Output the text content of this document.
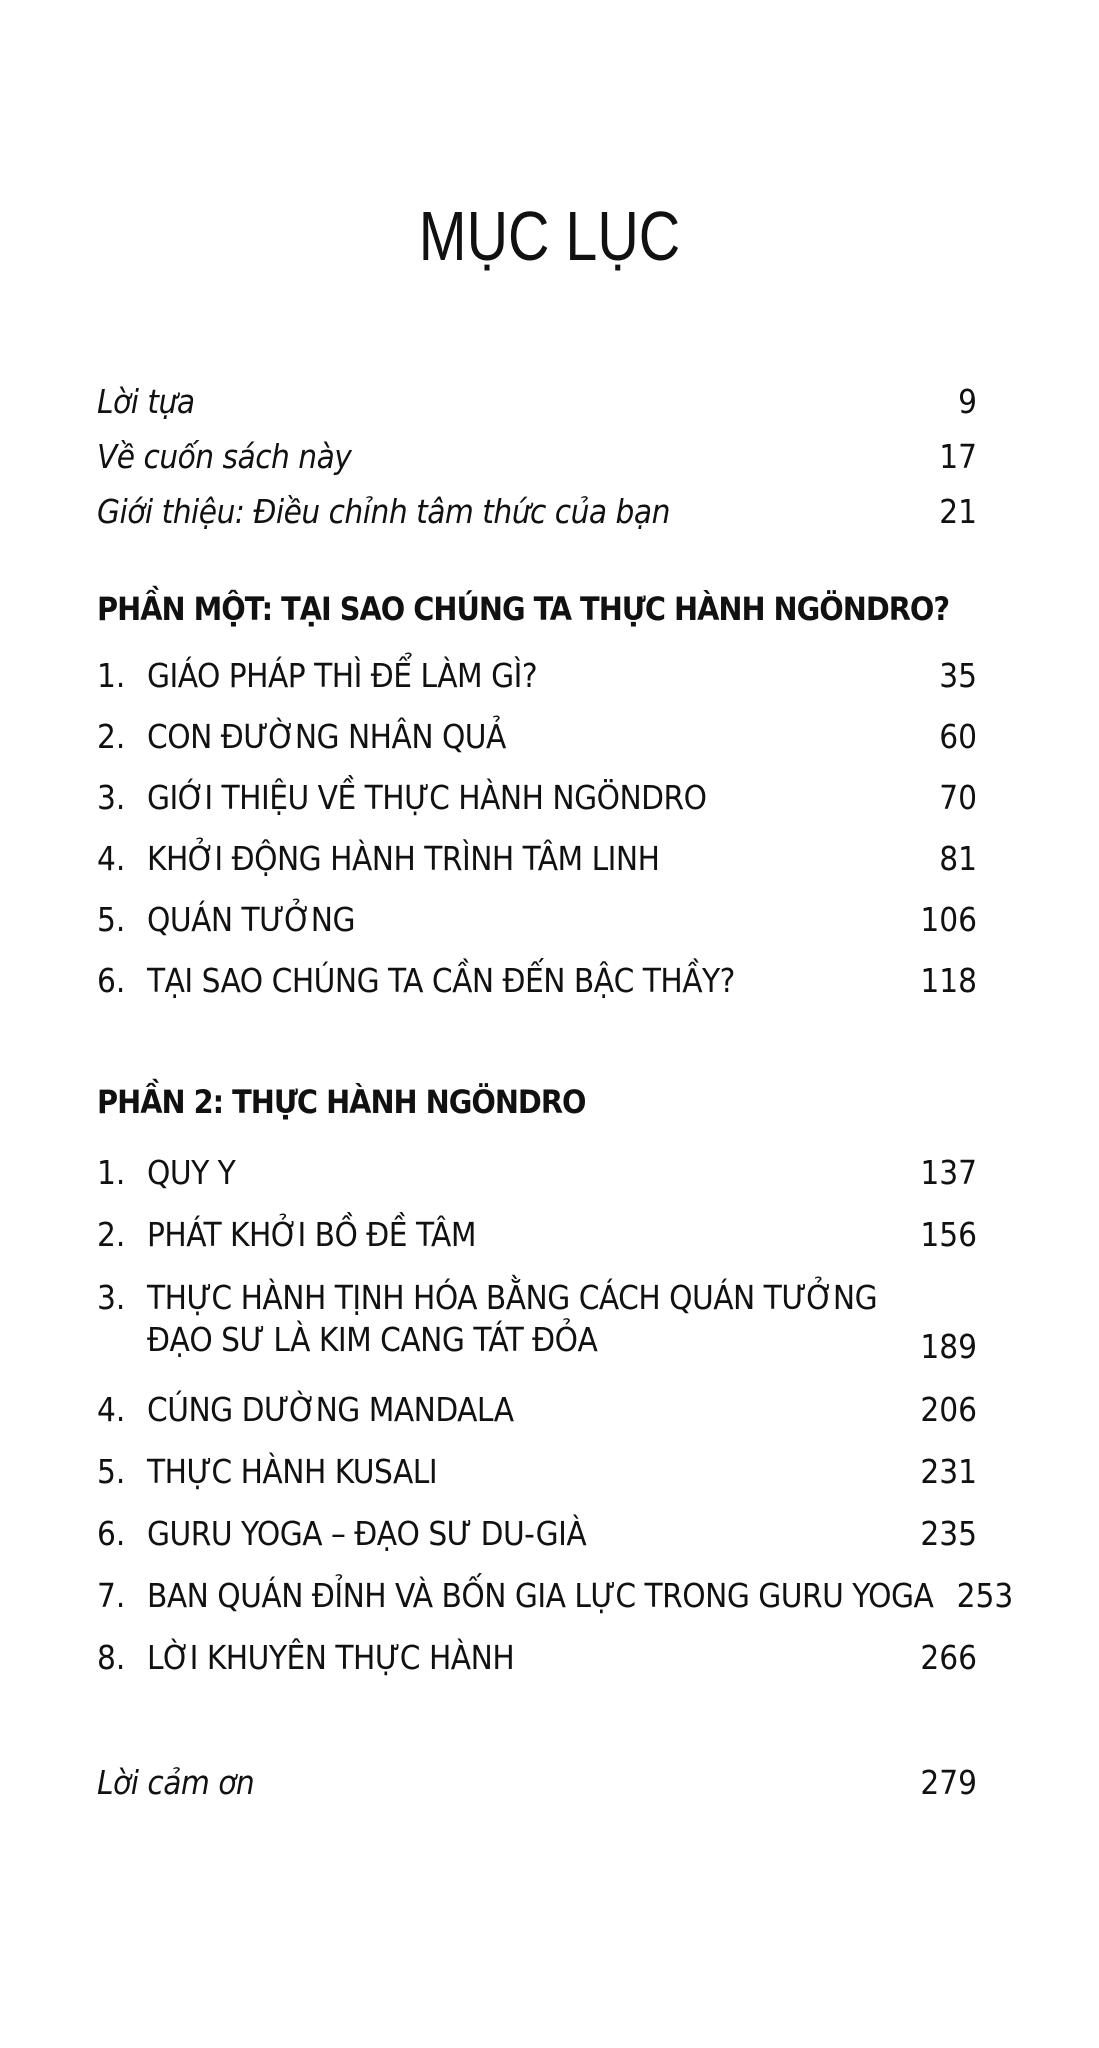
MỤC LỤC
Lời tựa	9
Về cuốn sách này	17
Giới thiệu: Điều chỉnh tâm thức của bạn	21
PHẦN MỘT: TẠI SAO CHÚNG TA THỰC HÀNH NGÖNDRO?
1. GIÁO PHÁP THÌ ĐỂ LÀM GÌ?	35
2. CON ĐƯỜNG NHÂN QUẢ	60
3. GIỚI THIỆU VỀ THỰC HÀNH NGÖNDRO	70
4. KHỞI ĐỘNG HÀNH TRÌNH TÂM LINH	81
5. QUÁN TƯỞNG	106
6. TẠI SAO CHÚNG TA CẦN ĐẾN BẬC THẦY?	118
PHẦN 2: THỰC HÀNH NGÖNDRO
1. QUY Y	137
2. PHÁT KHỞI BỒ ĐỀ TÂM	156
3. THỰC HÀNH TỊNH HÓA BẰNG CÁCH QUÁN TƯỞNG ĐẠO SƯ LÀ KIM CANG TÁT ĐỎA	189
4. CÚNG DƯỜNG MANDALA	206
5. THỰC HÀNH KUSALI	231
6. GURU YOGA – ĐẠO SƯ DU-GIÀ	235
7. BAN QUÁN ĐỈNH VÀ BỐN GIA LỰC TRONG GURU YOGA 253
8. LỜI KHUYÊN THỰC HÀNH	266
Lời cảm ơn	279
